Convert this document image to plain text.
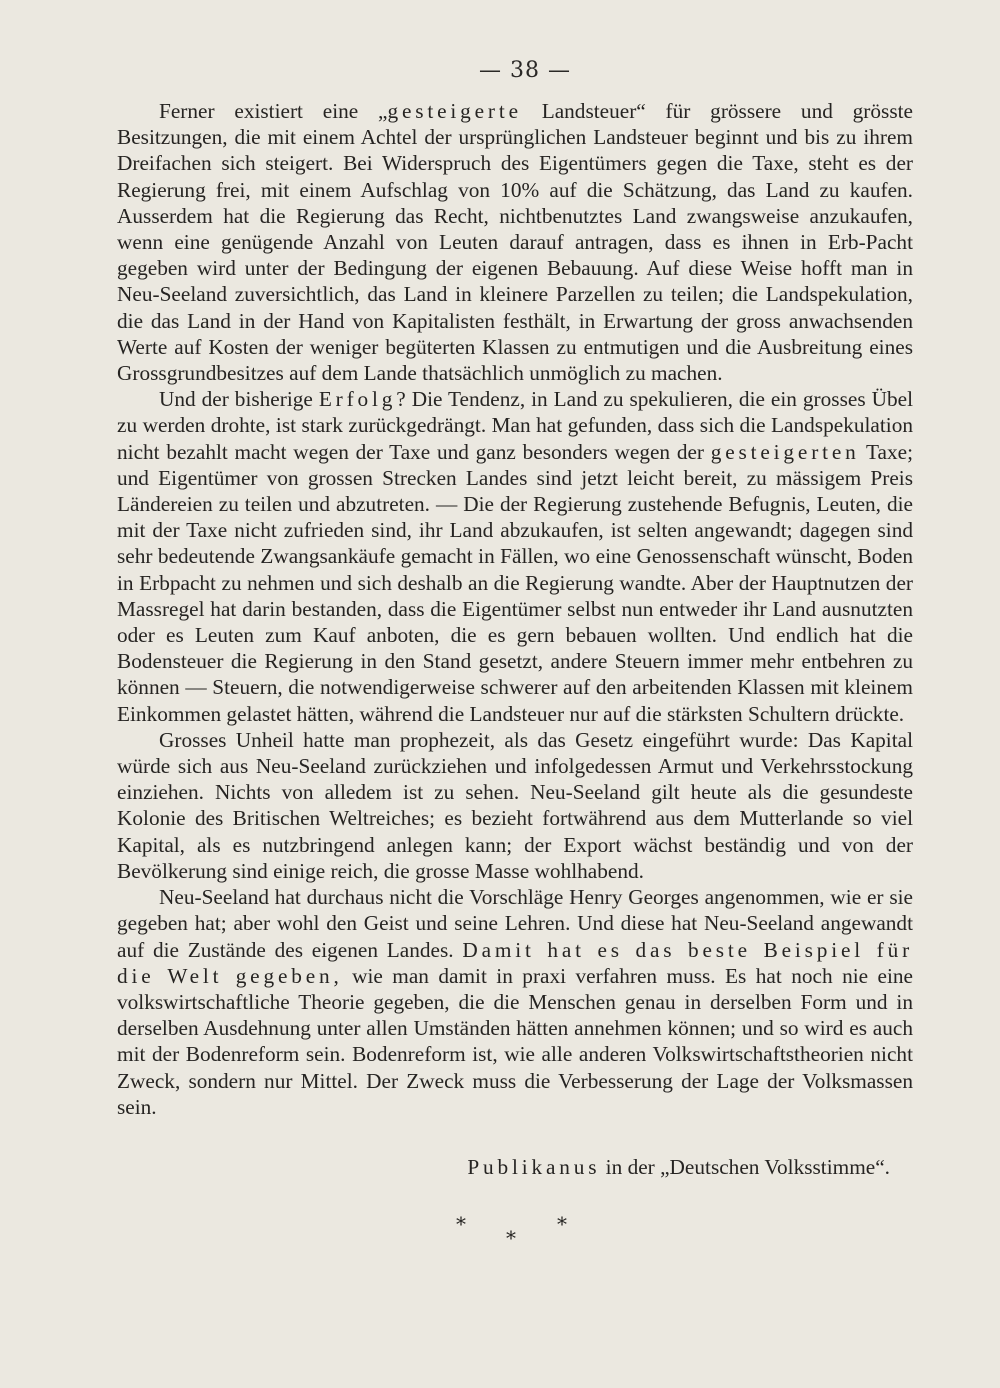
— 38 —

Ferner existiert eine „gesteigerte Landsteuer“ für grössere und grösste Besitzungen, die mit einem Achtel der ursprünglichen Landsteuer beginnt und bis zu ihrem Dreifachen sich steigert. Bei Widerspruch des Eigentümers gegen die Taxe, steht es der Regierung frei, mit einem Aufschlag von 10% auf die Schätzung, das Land zu kaufen. Ausserdem hat die Regierung das Recht, nichtbenutztes Land zwangsweise anzukaufen, wenn eine genügende Anzahl von Leuten darauf antragen, dass es ihnen in Erb-Pacht gegeben wird unter der Bedingung der eigenen Bebauung. Auf diese Weise hofft man in Neu-Seeland zuversichtlich, das Land in kleinere Parzellen zu teilen; die Landspekulation, die das Land in der Hand von Kapitalisten festhält, in Erwartung der gross anwachsenden Werte auf Kosten der weniger begüterten Klassen zu entmutigen und die Ausbreitung eines Grossgrundbesitzes auf dem Lande thatsächlich unmöglich zu machen.

Und der bisherige Erfolg? Die Tendenz, in Land zu spekulieren, die ein grosses Übel zu werden drohte, ist stark zurückgedrängt. Man hat gefunden, dass sich die Landspekulation nicht bezahlt macht wegen der Taxe und ganz besonders wegen der gesteigerten Taxe; und Eigentümer von grossen Strecken Landes sind jetzt leicht bereit, zu mässigem Preis Ländereien zu teilen und abzutreten. — Die der Regierung zustehende Befugnis, Leuten, die mit der Taxe nicht zufrieden sind, ihr Land abzukaufen, ist selten angewandt; dagegen sind sehr bedeutende Zwangsankäufe gemacht in Fällen, wo eine Genossenschaft wünscht, Boden in Erbpacht zu nehmen und sich deshalb an die Regierung wandte. Aber der Hauptnutzen der Massregel hat darin bestanden, dass die Eigentümer selbst nun entweder ihr Land ausnutzten oder es Leuten zum Kauf anboten, die es gern bebauen wollten. Und endlich hat die Bodensteuer die Regierung in den Stand gesetzt, andere Steuern immer mehr entbehren zu können — Steuern, die notwendigerweise schwerer auf den arbeitenden Klassen mit kleinem Einkommen gelastet hätten, während die Landsteuer nur auf die stärksten Schultern drückte.

Grosses Unheil hatte man prophezeit, als das Gesetz eingeführt wurde: Das Kapital würde sich aus Neu-Seeland zurückziehen und infolgedessen Armut und Verkehrsstockung einziehen. Nichts von alledem ist zu sehen. Neu-Seeland gilt heute als die gesundeste Kolonie des Britischen Weltreiches; es bezieht fortwährend aus dem Mutterlande so viel Kapital, als es nutzbringend anlegen kann; der Export wächst beständig und von der Bevölkerung sind einige reich, die grosse Masse wohlhabend.

Neu-Seeland hat durchaus nicht die Vorschläge Henry Georges angenommen, wie er sie gegeben hat; aber wohl den Geist und seine Lehren. Und diese hat Neu-Seeland angewandt auf die Zustände des eigenen Landes. Damit hat es das beste Beispiel für die Welt gegeben, wie man damit in praxi verfahren muss. Es hat noch nie eine volkswirtschaftliche Theorie gegeben, die die Menschen genau in derselben Form und in derselben Ausdehnung unter allen Umständen hätten annehmen können; und so wird es auch mit der Bodenreform sein. Bodenreform ist, wie alle anderen Volkswirtschaftstheorien nicht Zweck, sondern nur Mittel. Der Zweck muss die Verbesserung der Lage der Volksmassen sein.

Publikanus in der „Deutschen Volksstimme“.
*	*
*
